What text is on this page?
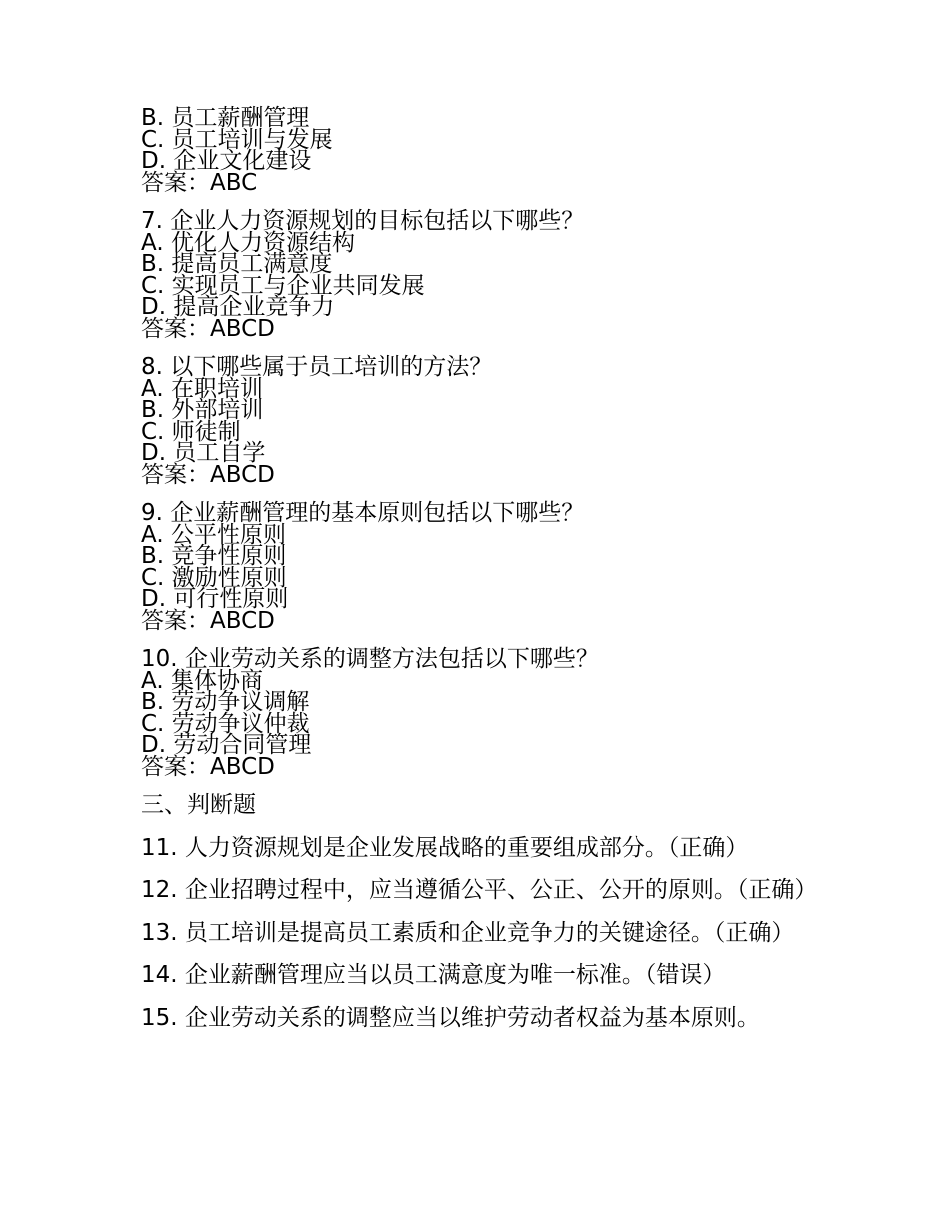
B. 员工薪酬管理
C. 员工培训与发展
D. 企业文化建设
答案：ABC
7. 企业人力资源规划的目标包括以下哪些？
A. 优化人力资源结构
B. 提高员工满意度
C. 实现员工与企业共同发展
D. 提高企业竞争力
答案：ABCD
8. 以下哪些属于员工培训的方法？
A. 在职培训
B. 外部培训
C. 师徒制
D. 员工自学
答案：ABCD
9. 企业薪酬管理的基本原则包括以下哪些？
A. 公平性原则
B. 竞争性原则
C. 激励性原则
D. 可行性原则
答案：ABCD
10. 企业劳动关系的调整方法包括以下哪些？
A. 集体协商
B. 劳动争议调解
C. 劳动争议仲裁
D. 劳动合同管理
答案：ABCD
三、判断题
11. 人力资源规划是企业发展战略的重要组成部分。（正确）
12. 企业招聘过程中，应当遵循公平、公正、公开的原则。（正确）
13. 员工培训是提高员工素质和企业竞争力的关键途径。（正确）
14. 企业薪酬管理应当以员工满意度为唯一标准。（错误）
15. 企业劳动关系的调整应当以维护劳动者权益为基本原则。
